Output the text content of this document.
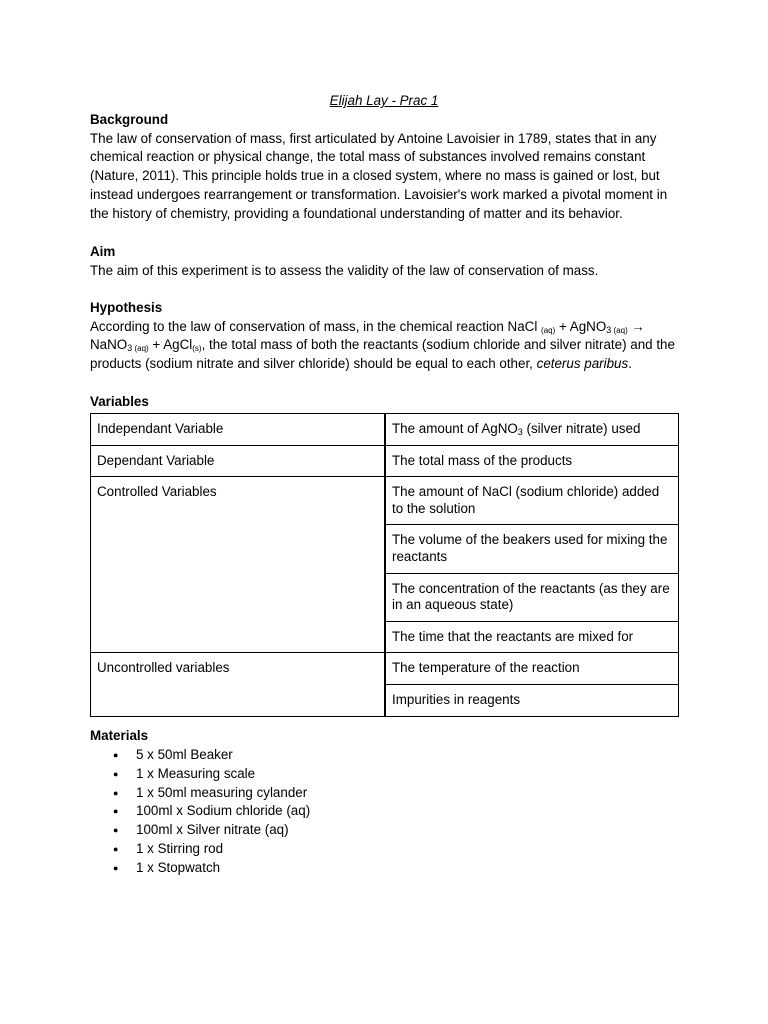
Elijah Lay - Prac 1
Background

The law of conservation of mass, first articulated by Antoine Lavoisier in 1789, states that in any chemical reaction or physical change, the total mass of substances involved remains constant (Nature, 2011). This principle holds true in a closed system, where no mass is gained or lost, but instead undergoes rearrangement or transformation. Lavoisier's work marked a pivotal moment in the history of chemistry, providing a foundational understanding of matter and its behavior.

Aim

The aim of this experiment is to assess the validity of the law of conservation of mass.

Hypothesis

According to the law of conservation of mass, in the chemical reaction NaCl $_{(aq)}$ + AgNO$_3$ $_{(aq)}$ →
NaNO$_3$ $_{(aq)}$ + AgCl$_{(s)}$, the total mass of both the reactants (sodium chloride and silver nitrate) and the products (sodium nitrate and silver chloride) should be equal to each other, ceterus paribus.

Variables
Independant Variable	The amount of AgNO$_3$ (silver nitrate) used
Dependant Variable	The total mass of the products
Controlled Variables	The amount of NaCl (sodium chloride) added to the solution
	The volume of the beakers used for mixing the reactants
	The concentration of the reactants (as they are in an aqueous state)
	The time that the reactants are mixed for
Uncontrolled variables	The temperature of the reaction
	Impurities in reagents
Materials
● 5 x 50ml Beaker
● 1 x Measuring scale
● 1 x 50ml measuring cylander
● 100ml x Sodium chloride (aq)
● 100ml x Silver nitrate (aq)
● 1 x Stirring rod
● 1 x Stopwatch
